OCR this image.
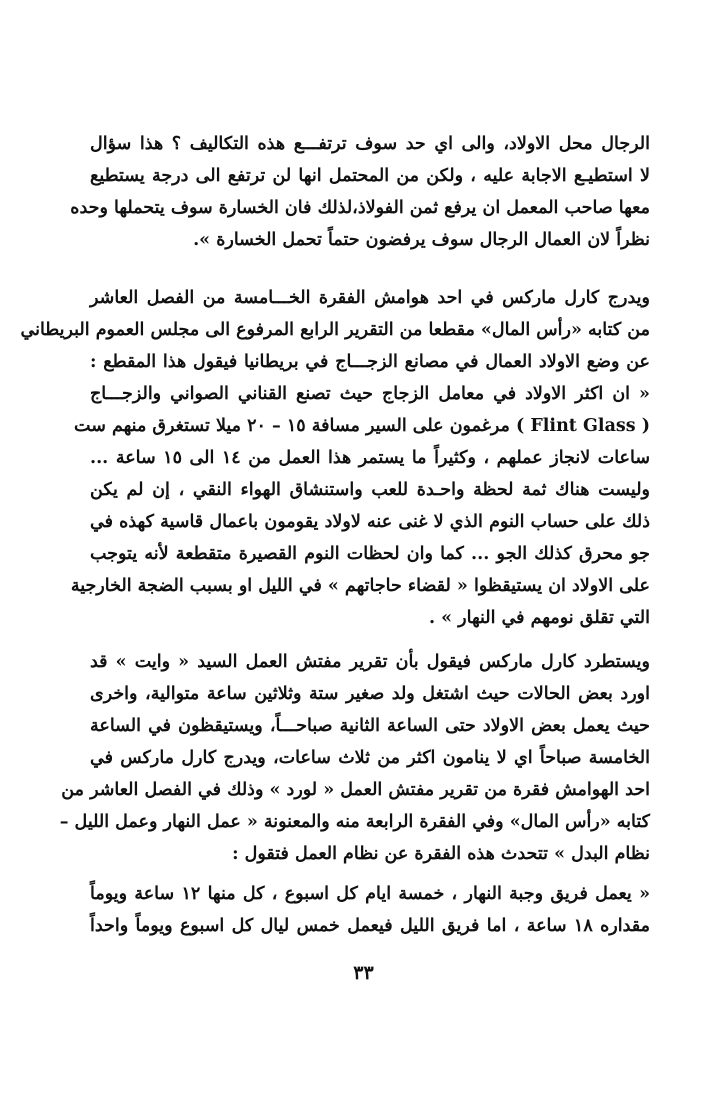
الرجال محل الاولاد، والى اي حد سوف ترتفـــع هذه التكاليف ؟ هذا سؤال
لا استطيـع الاجابة عليه ، ولكن من المحتمل انها لن ترتفع الى درجة يستطيع
معها صاحب المعمل ان يرفع ثمن الفولاذ،لذلك فان الخسارة سوف يتحملها وحده
نظراً لان العمال الرجال سوف يرفضون حتماً تحمل الخسارة ».
ويدرج كارل ماركس في احد هوامش الفقرة الخـــامسة من الفصل العاشر
من كتابه «رأس المال» مقطعا من التقرير الرابع المرفوع الى مجلس العموم البريطاني
عن وضع الاولاد العمال في مصانع الزجـــاج في بريطانيا فيقول هذا المقطع :
« ان اكثر الاولاد في معامل الزجاج حيث تصنع القناني الصواني والزجـــاج
( Flint Glass ) مرغمون على السير مسافة ١٥ – ٢٠ ميلا تستغرق منهم ست
ساعات لانجاز عملهم ، وكثيراً ما يستمر هذا العمل من ١٤ الى ١٥ ساعة ...
وليست هناك ثمة لحظة واحـدة للعب واستنشاق الهواء النقي ، إن لم يكن
ذلك على حساب النوم الذي لا غنى عنه لاولاد يقومون باعمال قاسية كهذه في
جو محرق كذلك الجو ... كما وان لحظات النوم القصيرة متقطعة لأنه يتوجب
على الاولاد ان يستيقظوا « لقضاء حاجاتهم » في الليل او بسبب الضجة الخارجية
التي تقلق نومهم في النهار » .
ويستطرد كارل ماركس فيقول بأن تقرير مفتش العمل السيد « وايت » قد
اورد بعض الحالات حيث اشتغل ولد صغير ستة وثلاثين ساعة متوالية، واخرى
حيث يعمل بعض الاولاد حتى الساعة الثانية صباحـــاً، ويستيقظون في الساعة
الخامسة صباحاً اي لا ينامون اكثر من ثلاث ساعات، ويدرج كارل ماركس في
احد الهوامش فقرة من تقرير مفتش العمل « لورد » وذلك في الفصل العاشر من
كتابه «رأس المال» وفي الفقرة الرابعة منه والمعنونة « عمل النهار وعمل الليل –
نظام البدل » تتحدث هذه الفقرة عن نظام العمل فتقول :
« يعمل فريق وجبة النهار ، خمسة ايام كل اسبوع ، كل منها ١٢ ساعة ويوماً
مقداره ١٨ ساعة ، اما فريق الليل فيعمل خمس ليال كل اسبوع ويوماً واحداً
٣٣
